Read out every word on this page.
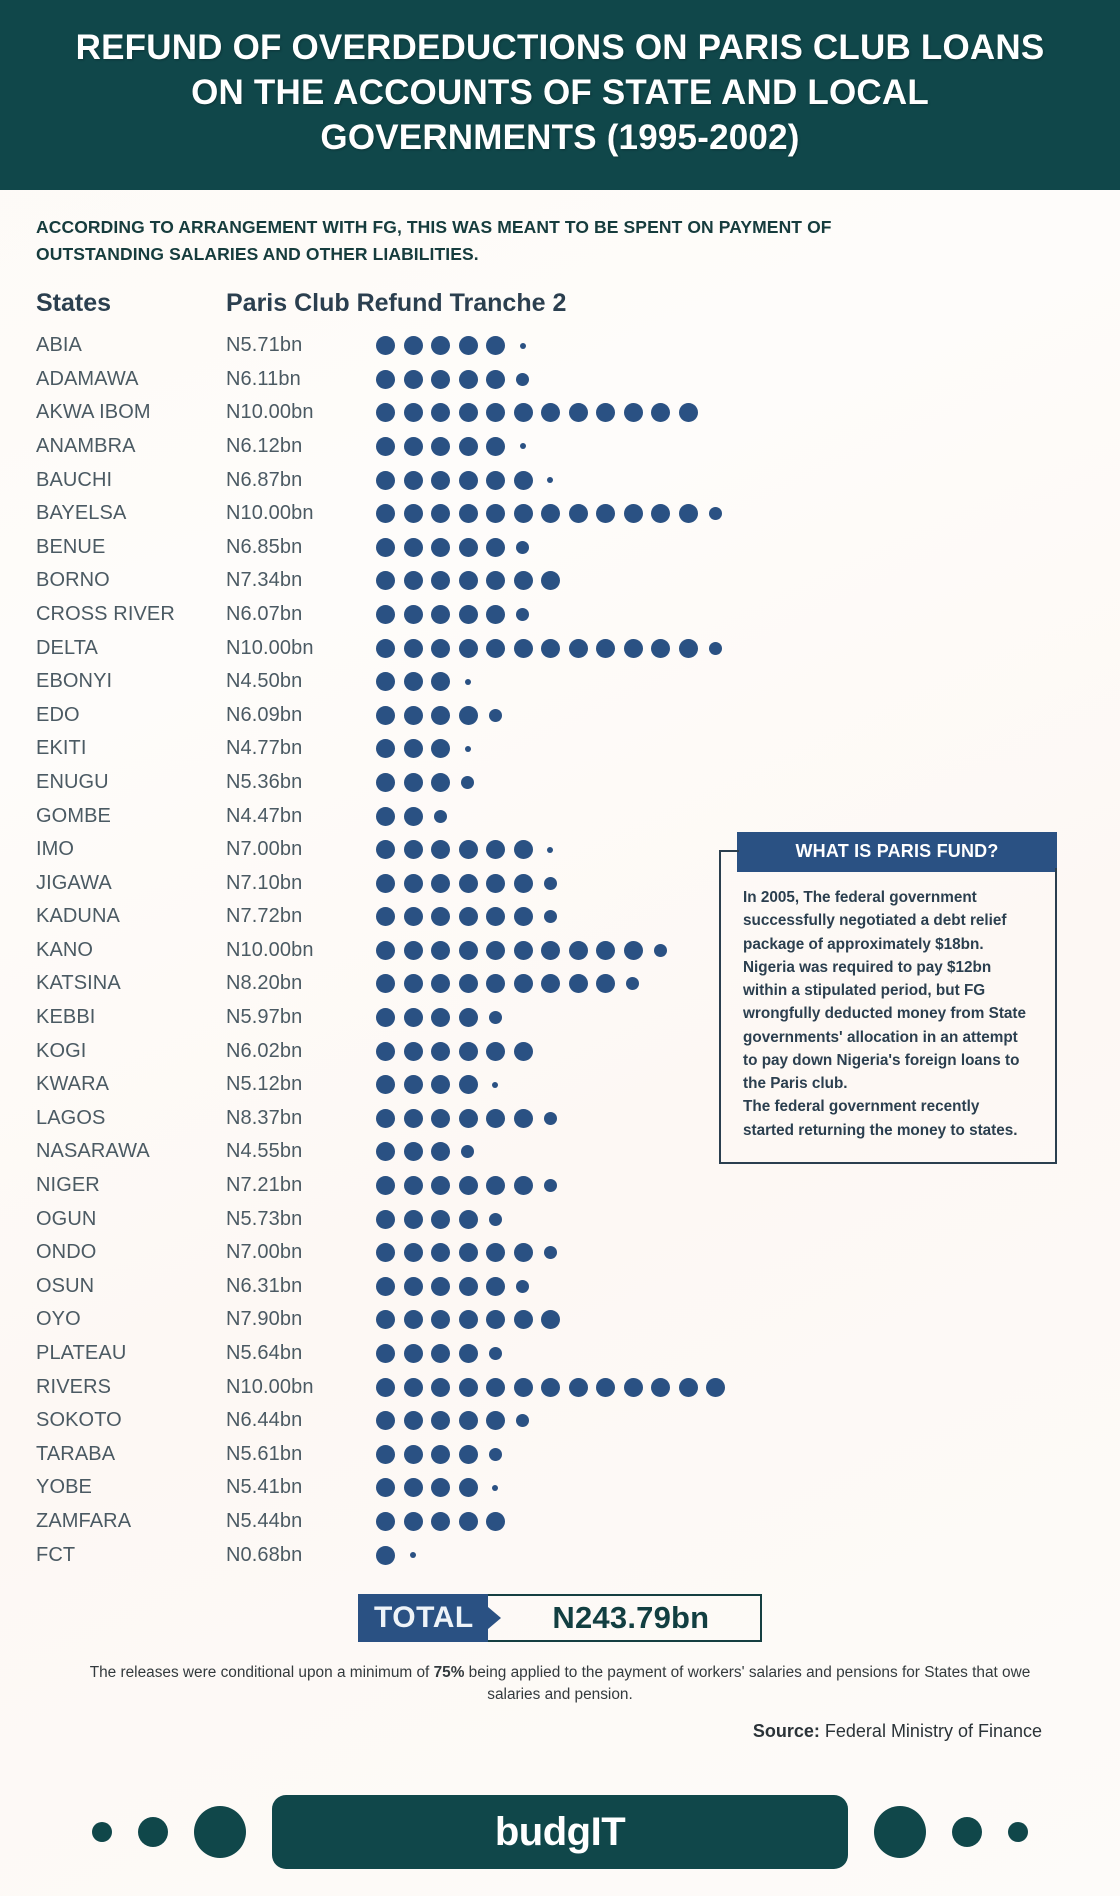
REFUND OF OVERDEDUCTIONS ON PARIS CLUB LOANS ON THE ACCOUNTS OF STATE AND LOCAL GOVERNMENTS (1995-2002)
ACCORDING TO ARRANGEMENT WITH FG, THIS WAS MEANT TO BE SPENT ON PAYMENT OF OUTSTANDING SALARIES AND OTHER LIABILITIES.
States	Paris Club Refund Tranche 2
ABIA	N5.71bn
ADAMAWA	N6.11bn
AKWA IBOM	N10.00bn
ANAMBRA	N6.12bn
BAUCHI	N6.87bn
BAYELSA	N10.00bn
BENUE	N6.85bn
BORNO	N7.34bn
CROSS RIVER	N6.07bn
DELTA	N10.00bn
EBONYI	N4.50bn
EDO	N6.09bn
EKITI	N4.77bn
ENUGU	N5.36bn
GOMBE	N4.47bn
IMO	N7.00bn
JIGAWA	N7.10bn
KADUNA	N7.72bn
KANO	N10.00bn
KATSINA	N8.20bn
KEBBI	N5.97bn
KOGI	N6.02bn
KWARA	N5.12bn
LAGOS	N8.37bn
NASARAWA	N4.55bn
NIGER	N7.21bn
OGUN	N5.73bn
ONDO	N7.00bn
OSUN	N6.31bn
OYO	N7.90bn
PLATEAU	N5.64bn
RIVERS	N10.00bn
SOKOTO	N6.44bn
TARABA	N5.61bn
YOBE	N5.41bn
ZAMFARA	N5.44bn
FCT	N0.68bn
WHAT IS PARIS FUND?

In 2005, The federal government successfully negotiated a debt relief package of approximately $18bn. Nigeria was required to pay $12bn within a stipulated period, but FG wrongfully deducted money from State governments' allocation in an attempt to pay down Nigeria's foreign loans to the Paris club.

The federal government recently started returning the money to states.

TOTAL	N243.79bn
The releases were conditional upon a minimum of 75% being applied to the payment of workers' salaries and pensions for States that owe salaries and pension.
Source: Federal Ministry of Finance
budgIT
